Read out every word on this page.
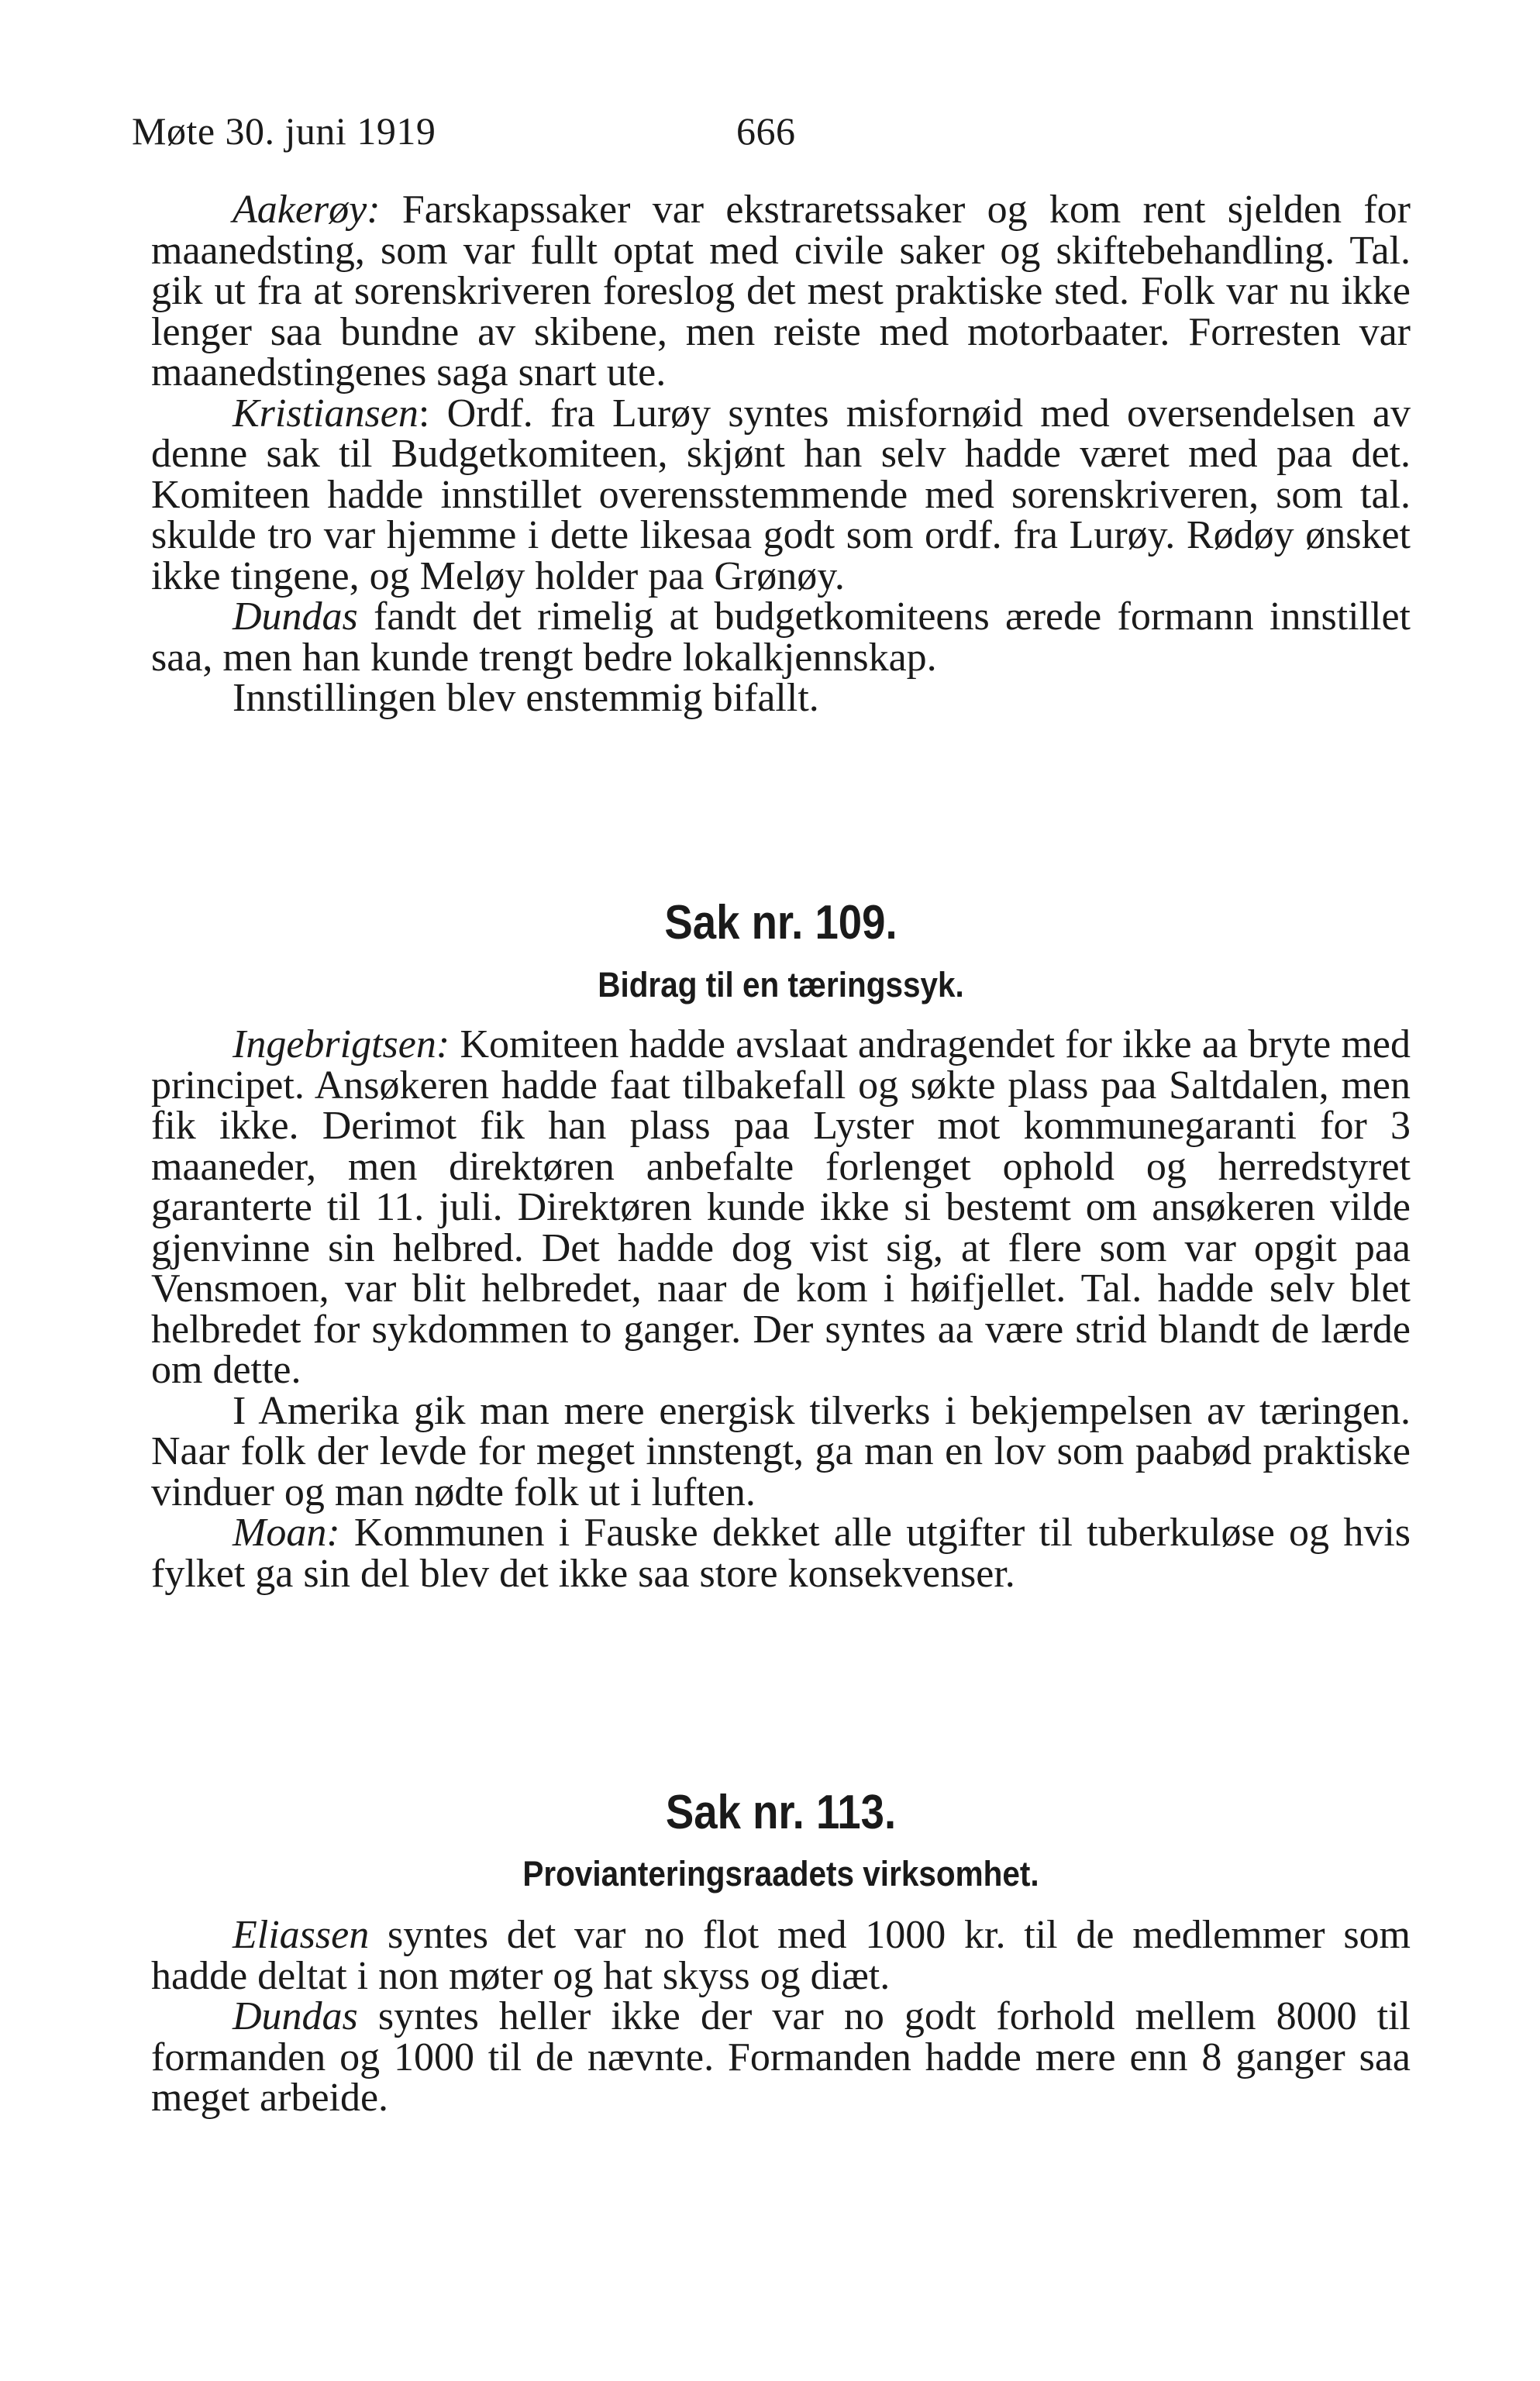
Møte 30. juni 1919	666

Aakerøy: Farskapssaker var ekstraretssaker og kom rent sjelden for maanedsting, som var fullt optat med civile saker og skiftebehandling. Tal. gik ut fra at sorenskriveren foreslog det mest praktiske sted. Folk var nu ikke lenger saa bundne av skibene, men reiste med motorbaater. Forresten var maanedstingenes saga snart ute.

Kristiansen: Ordf. fra Lurøy syntes misfornøid med oversendelsen av denne sak til Budgetkomiteen, skjønt han selv hadde været med paa det. Komiteen hadde innstillet overensstemmende med sorenskriveren, som tal. skulde tro var hjemme i dette likesaa godt som ordf. fra Lurøy. Rødøy ønsket ikke tingene, og Meløy holder paa Grønøy.

Dundas fandt det rimelig at budgetkomiteens ærede formann innstillet saa, men han kunde trengt bedre lokalkjennskap.

Innstillingen blev enstemmig bifallt.

Sak nr. 109.

Bidrag til en tæringssyk.

Ingebrigtsen: Komiteen hadde avslaat andragendet for ikke aa bryte med principet. Ansøkeren hadde faat tilbakefall og søkte plass paa Saltdalen, men fik ikke. Derimot fik han plass paa Lyster mot kommunegaranti for 3 maaneder, men direktøren anbefalte forlenget ophold og herredstyret garanterte til 11. juli. Direktøren kunde ikke si bestemt om ansøkeren vilde gjenvinne sin helbred. Det hadde dog vist sig, at flere som var opgit paa Vensmoen, var blit helbredet, naar de kom i høifjellet. Tal. hadde selv blet helbredet for sykdommen to ganger. Der syntes aa være strid blandt de lærde om dette.

I Amerika gik man mere energisk tilverks i bekjempelsen av tæringen. Naar folk der levde for meget innstengt, ga man en lov som paabød praktiske vinduer og man nødte folk ut i luften.

Moan: Kommunen i Fauske dekket alle utgifter til tuberkuløse og hvis fylket ga sin del blev det ikke saa store konsekvenser.

Sak nr. 113.

Provianteringsraadets virksomhet.

Eliassen syntes det var no flot med 1000 kr. til de medlemmer som hadde deltat i non møter og hat skyss og diæt.

Dundas syntes heller ikke der var no godt forhold mellem 8000 til formanden og 1000 til de nævnte. Formanden hadde mere enn 8 ganger saa meget arbeide.
